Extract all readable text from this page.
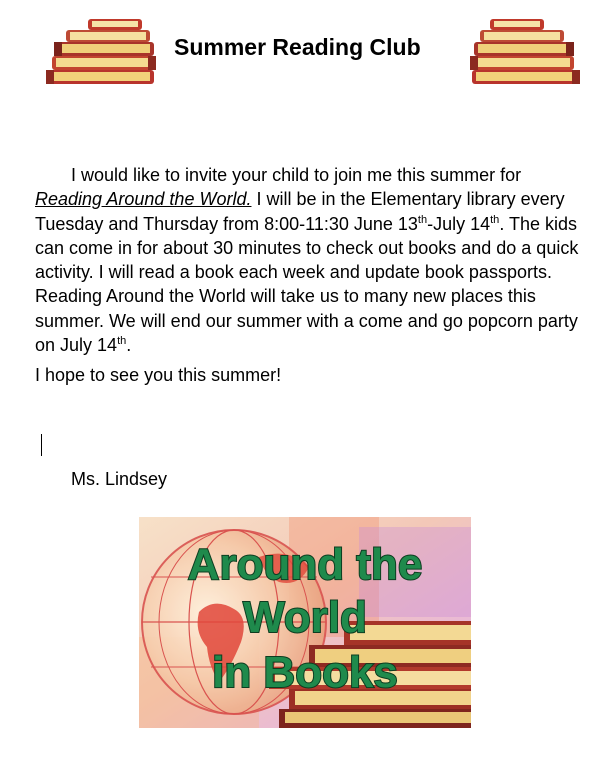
Summer Reading Club

I would like to invite your child to join me this summer for Reading Around the World. I will be in the Elementary library every Tuesday and Thursday from 8:00-11:30 June 13th-July 14th. The kids can come in for about 30 minutes to check out books and do a quick activity. I will read a book each week and update book passports. Reading Around the World will take us to many new places this summer. We will end our summer with a come and go popcorn party on July 14th.

I hope to see you this summer!

Ms. Lindsey
Around the
World
in Books
